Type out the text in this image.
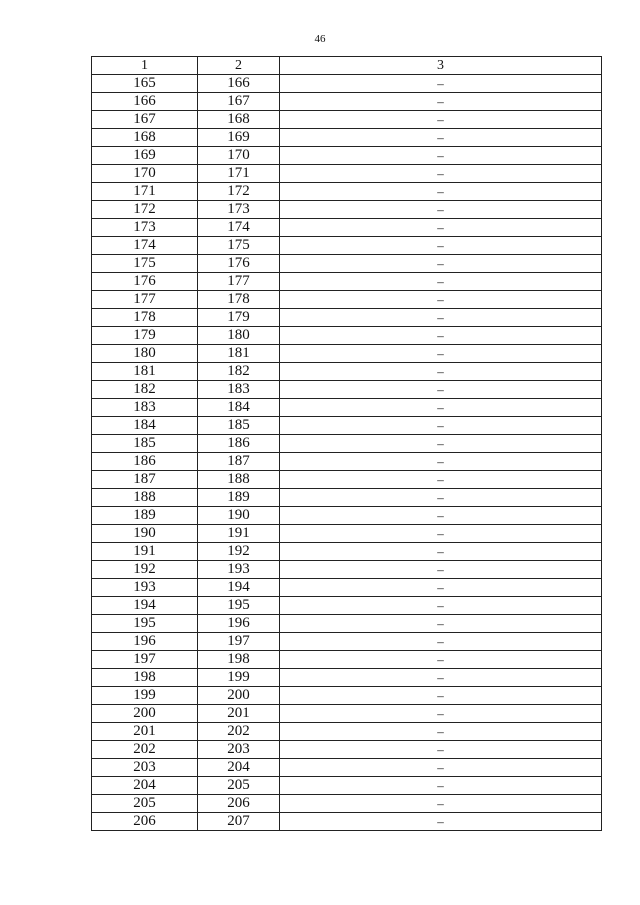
46
1	2	3
165	166	–
166	167	–
167	168	–
168	169	–
169	170	–
170	171	–
171	172	–
172	173	–
173	174	–
174	175	–
175	176	–
176	177	–
177	178	–
178	179	–
179	180	–
180	181	–
181	182	–
182	183	–
183	184	–
184	185	–
185	186	–
186	187	–
187	188	–
188	189	–
189	190	–
190	191	–
191	192	–
192	193	–
193	194	–
194	195	–
195	196	–
196	197	–
197	198	–
198	199	–
199	200	–
200	201	–
201	202	–
202	203	–
203	204	–
204	205	–
205	206	–
206	207	–
